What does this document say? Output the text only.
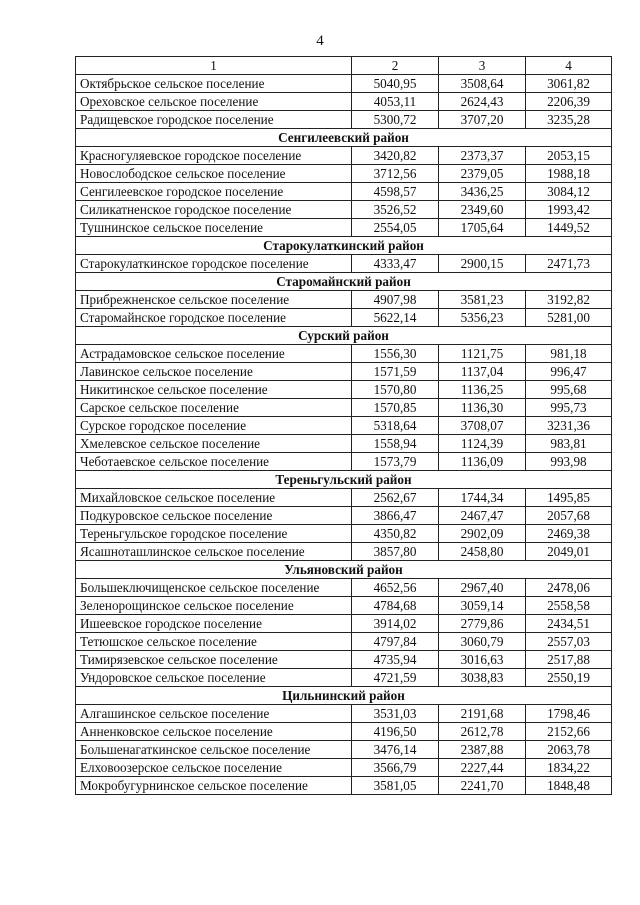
4
1	2	3	4
Октябрьское сельское поселение	5040,95	3508,64	3061,82
Ореховское сельское поселение	4053,11	2624,43	2206,39
Радищевское городское поселение	5300,72	3707,20	3235,28
Сенгилеевский район			
Красногуляевское городское поселение	3420,82	2373,37	2053,15
Новослободское сельское поселение	3712,56	2379,05	1988,18
Сенгилеевское городское поселение	4598,57	3436,25	3084,12
Силикатненское городское поселение	3526,52	2349,60	1993,42
Тушнинское сельское поселение	2554,05	1705,64	1449,52
Старокулаткинский район			
Старокулаткинское городское поселение	4333,47	2900,15	2471,73
Старомайнский район			
Прибрежненское сельское поселение	4907,98	3581,23	3192,82
Старомайнское городское поселение	5622,14	5356,23	5281,00
Сурский район			
Астрадамовское сельское поселение	1556,30	1121,75	981,18
Лавинское сельское поселение	1571,59	1137,04	996,47
Никитинское сельское поселение	1570,80	1136,25	995,68
Сарское сельское поселение	1570,85	1136,30	995,73
Сурское городское поселение	5318,64	3708,07	3231,36
Хмелевское сельское поселение	1558,94	1124,39	983,81
Чеботаевское сельское поселение	1573,79	1136,09	993,98
Тереньгульский район			
Михайловское сельское поселение	2562,67	1744,34	1495,85
Подкуровское сельское поселение	3866,47	2467,47	2057,68
Тереньгульское городское поселение	4350,82	2902,09	2469,38
Ясашноташлинское сельское поселение	3857,80	2458,80	2049,01
Ульяновский район			
Большеключищенское сельское поселение	4652,56	2967,40	2478,06
Зеленорощинское сельское поселение	4784,68	3059,14	2558,58
Ишеевское городское поселение	3914,02	2779,86	2434,51
Тетюшское сельское поселение	4797,84	3060,79	2557,03
Тимирязевское сельское поселение	4735,94	3016,63	2517,88
Ундоровское сельское поселение	4721,59	3038,83	2550,19
Цильнинский район			
Алгашинское сельское поселение	3531,03	2191,68	1798,46
Анненковское сельское поселение	4196,50	2612,78	2152,66
Большенагаткинское сельское поселение	3476,14	2387,88	2063,78
Елховоозерское сельское поселение	3566,79	2227,44	1834,22
Мокробугурнинское сельское поселение	3581,05	2241,70	1848,48
